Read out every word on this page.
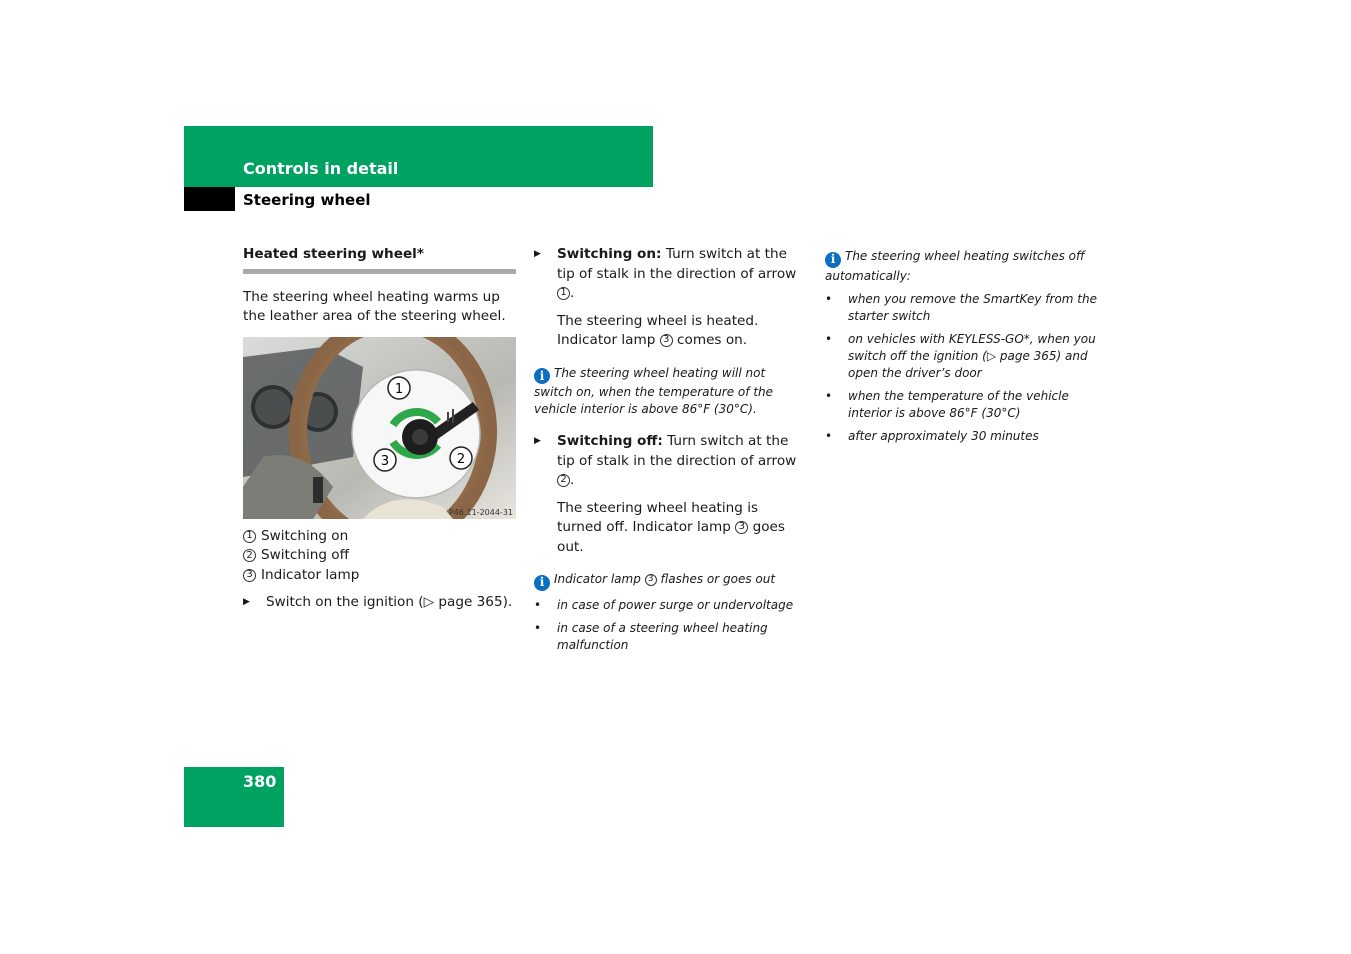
Controls in detail
Steering wheel
Heated steering wheel*

The steering wheel heating warms up the leather area of the steering wheel.

1
2
3
P46.11-2044-31
1 Switching on
2 Switching off
3 Indicator lamp
▶	Switch on the ignition (▷ page 365).
▶	Switching on: Turn switch at the tip of stalk in the direction of arrow 1 .

The steering wheel is heated. Indicator lamp 3 comes on.

i The steering wheel heating will not switch on, when the temperature of the vehicle interior is above 86°F (30°C).

▶	Switching off: Turn switch at the tip of stalk in the direction of arrow 2 .

The steering wheel heating is turned off. Indicator lamp 3 goes out.

i Indicator lamp 3 flashes or goes out

•	in case of power surge or undervoltage
•	in case of a steering wheel heating malfunction

i The steering wheel heating switches off automatically:

•	when you remove the SmartKey from the starter switch
•	on vehicles with KEYLESS-GO*, when you switch off the ignition (▷ page 365) and open the driver’s door
•	when the temperature of the vehicle interior is above 86°F (30°C)
•	after approximately 30 minutes
380
